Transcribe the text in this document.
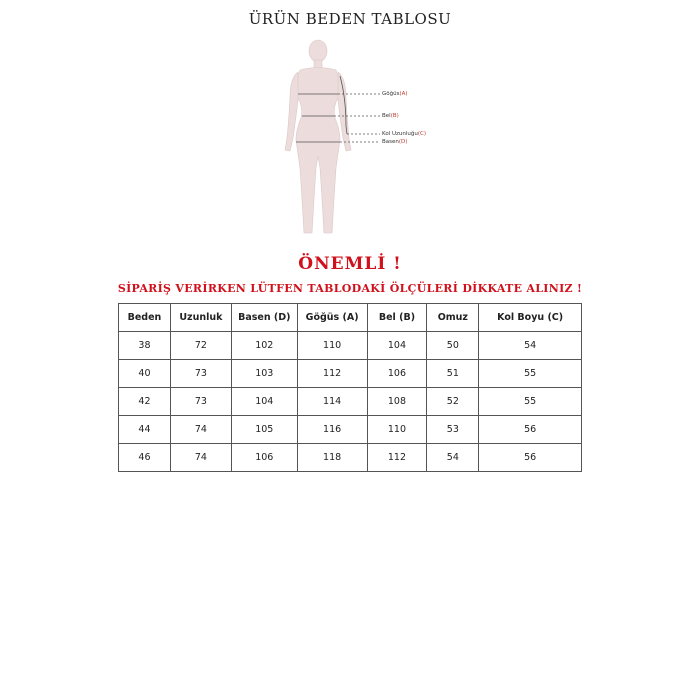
ÜRÜN BEDEN TABLOSU
Göğüs(A)
Bel(B)
Kol Uzunluğu(C)
Basen(D)
ÖNEMLİ !
SİPARİŞ VERİRKEN LÜTFEN TABLODAKİ ÖLÇÜLERİ DİKKATE ALINIZ !
Beden	Uzunluk	Basen (D)	Göğüs (A)	Bel (B)	Omuz	Kol Boyu (C)
38	72	102	110	104	50	54
40	73	103	112	106	51	55
42	73	104	114	108	52	55
44	74	105	116	110	53	56
46	74	106	118	112	54	56
